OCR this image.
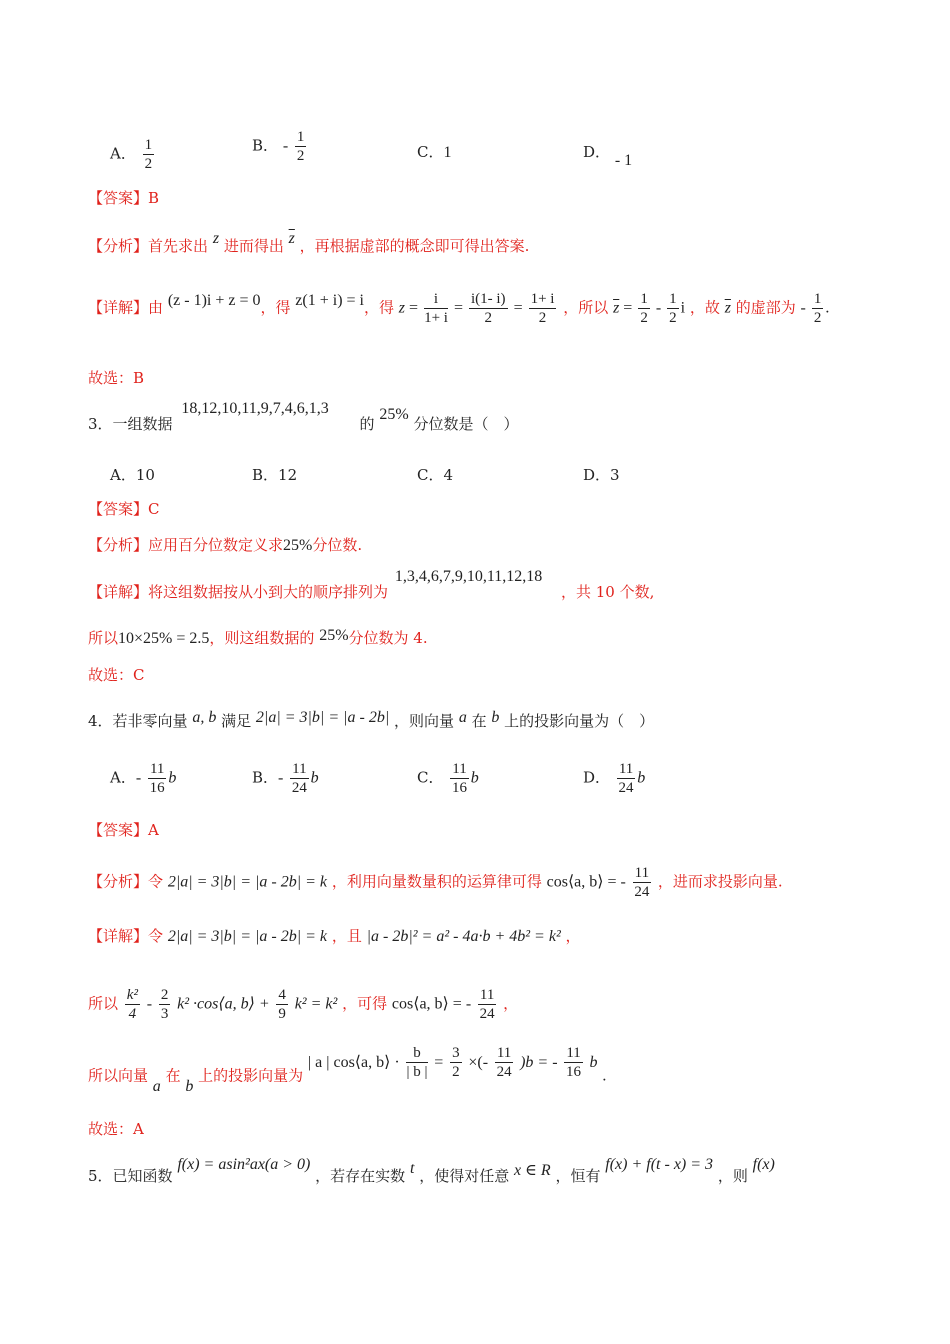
A． $\frac{1}{2}$	B． - $\frac{1}{2}$	C．1	D． - 1
【答案】B
【分析】首先求出 z 进而得出 $\overline{z}$ ，再根据虚部的概念即可得出答案.
【详解】由 (z - 1)i + z = 0，得 z(1 + i) = i，得 $z = \frac{i}{1+ i} = \frac{i(1- i)}{2} = \frac{1+ i}{2}$ ，所以 $\overline{z} = \frac{1}{2} - \frac{1}{2}$ i ，故 $\overline{z}$ 的虚部为 - $\frac{1}{2}$ .
故选：B
3．一组数据 18,12,10,11,9,7,4,6,1,3 的 25% 分位数是（　）
A．10	B．12	C．4	D．3
【答案】C
【分析】应用百分位数定义求25%分位数.
【详解】将这组数据按从小到大的顺序排列为 1,3,4,6,7,9,10,11,12,18 ，共 10 个数,
所以10×25% = 2.5，则这组数据的 25%分位数为 4.
故选：C
4．若非零向量 a, b 满足 2|a| = 3|b| = |a - 2b| ，则向量 a 在 b 上的投影向量为（　）
A．- $\frac{11}{16}$ b	B．- $\frac{11}{24}$ b	C． $\frac{11}{16}$ b	D． $\frac{11}{24}$ b
【答案】A
【分析】令 2|a| = 3|b| = |a - 2b| = k ，利用向量数量积的运算律可得 cos⟨a, b⟩ = - $\frac{11}{24}$ ，进而求投影向量.
【详解】令 2|a| = 3|b| = |a - 2b| = k ，且 |a - 2b|² = a² - 4a·b + 4b² = k² ，
所以 $\frac{\text{k²}}{4} - \frac{2}{3} k^2$ ·cos⟨a, b⟩ + $\frac{4}{9} k^2 = k^2$ ，可得 cos⟨a, b⟩ = - $\frac{11}{24}$ ，
所以向量 a 在 b 上的投影向量为 | a | cos⟨a, b⟩ · $\frac{b}{| b |} = \frac{3}{2}$ ×(- $\frac{11}{24} )b$ = - $\frac{11}{16}$ b .
故选：A
5．已知函数 f(x) = asin²ax(a > 0) ，若存在实数 t ，使得对任意 x ∈ R ，恒有 f(x) + f(t - x) = 3 ，则 f(x)
